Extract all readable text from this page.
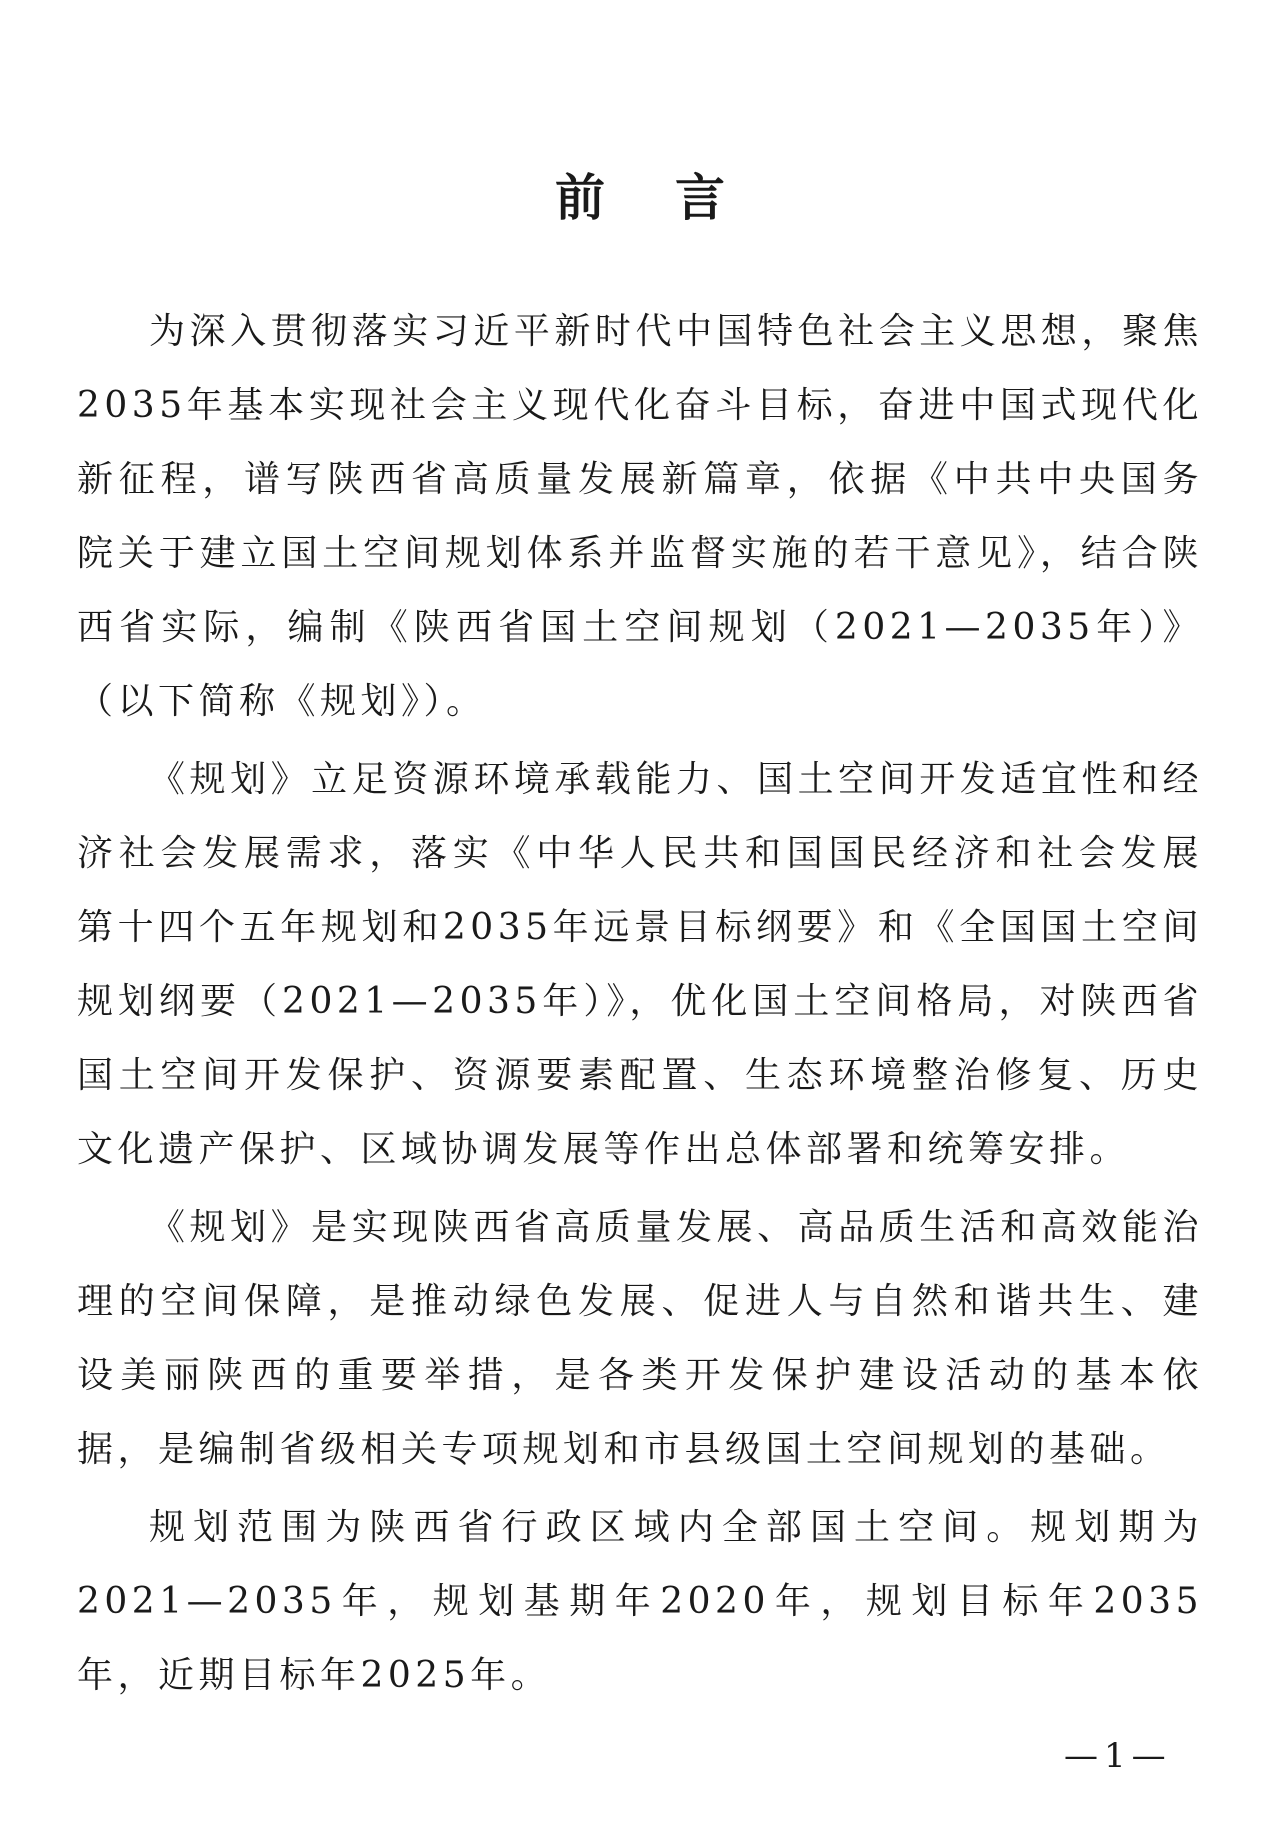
前言

为深入贯彻落实习近平新时代中国特色社会主义思想，聚焦2035年基本实现社会主义现代化奋斗目标，奋进中国式现代化新征程，谱写陕西省高质量发展新篇章，依据《中共中央国务院关于建立国土空间规划体系并监督实施的若干意见》，结合陕西省实际，编制《陕西省国土空间规划（2021—2035年）》（以下简称《规划》）。

《规划》立足资源环境承载能力、国土空间开发适宜性和经济社会发展需求，落实《中华人民共和国国民经济和社会发展第十四个五年规划和2035年远景目标纲要》和《全国国土空间规划纲要（2021—2035年）》，优化国土空间格局，对陕西省国土空间开发保护、资源要素配置、生态环境整治修复、历史文化遗产保护、区域协调发展等作出总体部署和统筹安排。

《规划》是实现陕西省高质量发展、高品质生活和高效能治理的空间保障，是推动绿色发展、促进人与自然和谐共生、建设美丽陕西的重要举措，是各类开发保护建设活动的基本依据，是编制省级相关专项规划和市县级国土空间规划的基础。

规划范围为陕西省行政区域内全部国土空间。规划期为2021—2035年，规划基期年2020年，规划目标年2035年，近期目标年2025年。

—1—
